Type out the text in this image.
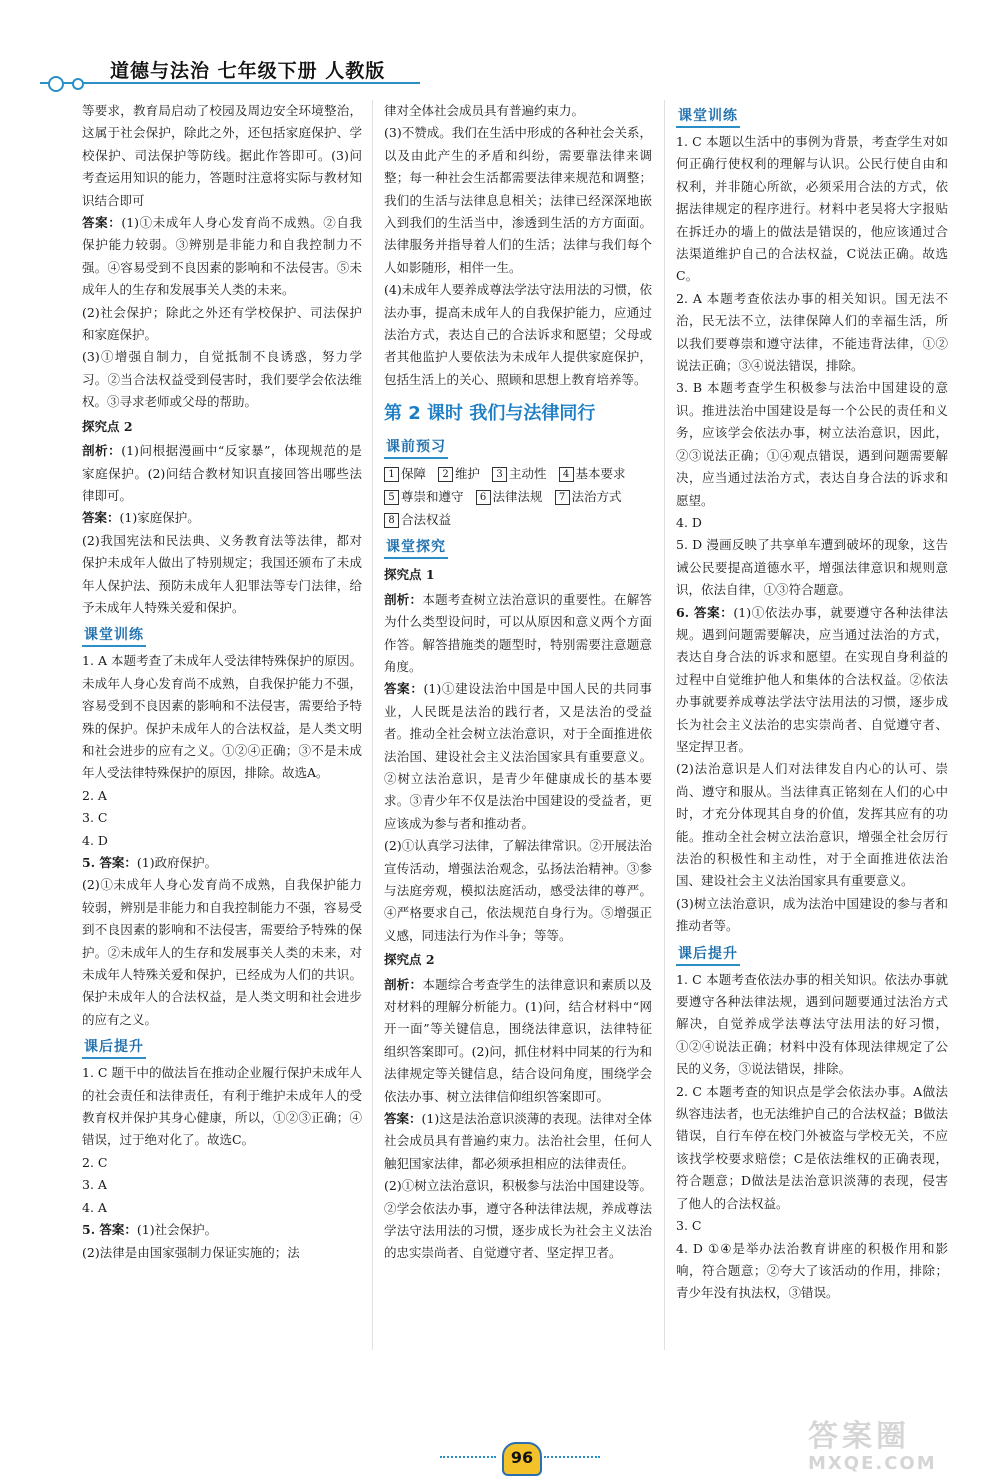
道德与法治 七年级下册 人教版

等要求，教育局启动了校园及周边安全环境整治，这属于社会保护，除此之外，还包括家庭保护、学校保护、司法保护等防线。据此作答即可。(3)问考查运用知识的能力，答题时注意将实际与教材知识结合即可

答案：(1)①未成年人身心发育尚不成熟。②自我保护能力较弱。③辨别是非能力和自我控制力不强。④容易受到不良因素的影响和不法侵害。⑤未成年人的生存和发展事关人类的未来。

(2)社会保护；除此之外还有学校保护、司法保护和家庭保护。

(3)①增强自制力，自觉抵制不良诱惑，努力学习。②当合法权益受到侵害时，我们要学会依法维权。③寻求老师或父母的帮助。

探究点 2

剖析：(1)问根据漫画中“反家暴”，体现规范的是家庭保护。(2)问结合教材知识直接回答出哪些法律即可。

答案：(1)家庭保护。

(2)我国宪法和民法典、义务教育法等法律，都对保护未成年人做出了特别规定；我国还颁布了未成年人保护法、预防未成年人犯罪法等专门法律，给予未成年人特殊关爱和保护。

课堂训练

1. A 本题考查了未成年人受法律特殊保护的原因。未成年人身心发育尚不成熟，自我保护能力不强，容易受到不良因素的影响和不法侵害，需要给予特殊的保护。保护未成年人的合法权益，是人类文明和社会进步的应有之义。①②④正确；③不是未成年人受法律特殊保护的原因，排除。故选A。

2. A

3. C

4. D

5. 答案：(1)政府保护。

(2)①未成年人身心发育尚不成熟，自我保护能力较弱，辨别是非能力和自我控制能力不强，容易受到不良因素的影响和不法侵害，需要给予特殊的保护。②未成年人的生存和发展事关人类的未来，对未成年人特殊关爱和保护，已经成为人们的共识。保护未成年人的合法权益，是人类文明和社会进步的应有之义。

课后提升

1. C 题干中的做法旨在推动企业履行保护未成年人的社会责任和法律责任，有利于维护未成年人的受教育权并保护其身心健康，所以，①②③正确；④错误，过于绝对化了。故选C。

2. C

3. A

4. A

5. 答案：(1)社会保护。

(2)法律是由国家强制力保证实施的；法

律对全体社会成员具有普遍约束力。

(3)不赞成。我们在生活中形成的各种社会关系，以及由此产生的矛盾和纠纷，需要靠法律来调整；每一种社会生活都需要法律来规范和调整；我们的生活与法律息息相关；法律已经深深地嵌入到我们的生活当中，渗透到生活的方方面面。法律服务并指导着人们的生活；法律与我们每个人如影随形，相伴一生。

(4)未成年人要养成尊法学法守法用法的习惯，依法办事，提高未成年人的自我保护能力，应通过法治方式，表达自己的合法诉求和愿望；父母或者其他监护人要依法为未成年人提供家庭保护，包括生活上的关心、照顾和思想上教育培养等。

第 2 课时 我们与法律同行
课前预习
1 保障 2 维护 3 主动性 4 基本要求
5 尊崇和遵守 6 法律法规 7 法治方式
8 合法权益
课堂探究
探究点 1

剖析：本题考查树立法治意识的重要性。在解答为什么类型设问时，可以从原因和意义两个方面作答。解答措施类的题型时，特别需要注意题意角度。

答案：(1)①建设法治中国是中国人民的共同事业，人民既是法治的践行者，又是法治的受益者。推动全社会树立法治意识，对于全面推进依法治国、建设社会主义法治国家具有重要意义。②树立法治意识，是青少年健康成长的基本要求。③青少年不仅是法治中国建设的受益者，更应该成为参与者和推动者。

(2)①认真学习法律，了解法律常识。②开展法治宣传活动，增强法治观念，弘扬法治精神。③参与法庭旁观，模拟法庭活动，感受法律的尊严。④严格要求自己，依法规范自身行为。⑤增强正义感，同违法行为作斗争；等等。

探究点 2

剖析：本题综合考查学生的法律意识和素质以及对材料的理解分析能力。(1)问，结合材料中“网开一面”等关键信息，围绕法律意识，法律特征组织答案即可。(2)问，抓住材料中同某的行为和法律规定等关键信息，结合设问角度，围绕学会依法办事、树立法律信仰组织答案即可。

答案：(1)这是法治意识淡薄的表现。法律对全体社会成员具有普遍约束力。法治社会里，任何人触犯国家法律，都必须承担相应的法律责任。

(2)①树立法治意识，积极参与法治中国建设等。②学会依法办事，遵守各种法律法规，养成尊法学法守法用法的习惯，逐步成长为社会主义法治的忠实崇尚者、自觉遵守者、坚定捍卫者。

课堂训练

1. C 本题以生活中的事例为背景，考查学生对如何正确行使权利的理解与认识。公民行使自由和权利，并非随心所欲，必须采用合法的方式，依据法律规定的程序进行。材料中老吴将大字报贴在拆迁办的墙上的做法是错误的，他应该通过合法渠道维护自己的合法权益，C说法正确。故选C。

2. A 本题考查依法办事的相关知识。国无法不治，民无法不立，法律保障人们的幸福生活，所以我们要尊崇和遵守法律，不能违背法律，①②说法正确；③④说法错误，排除。

3. B 本题考查学生积极参与法治中国建设的意识。推进法治中国建设是每一个公民的责任和义务，应该学会依法办事，树立法治意识，因此，②③说法正确；①④观点错误，遇到问题需要解决，应当通过法治方式，表达自身合法的诉求和愿望。

4. D

5. D 漫画反映了共享单车遭到破坏的现象，这告诫公民要提高道德水平，增强法律意识和规则意识，依法自律，①③符合题意。

6. 答案：(1)①依法办事，就要遵守各种法律法规。遇到问题需要解决，应当通过法治的方式，表达自身合法的诉求和愿望。在实现自身利益的过程中自觉维护他人和集体的合法权益。②依法办事就要养成尊法学法守法用法的习惯，逐步成长为社会主义法治的忠实崇尚者、自觉遵守者、坚定捍卫者。

(2)法治意识是人们对法律发自内心的认可、崇尚、遵守和服从。当法律真正铭刻在人们的心中时，才充分体现其自身的价值，发挥其应有的功能。推动全社会树立法治意识，增强全社会厉行法治的积极性和主动性，对于全面推进依法治国、建设社会主义法治国家具有重要意义。

(3)树立法治意识，成为法治中国建设的参与者和推动者等。

课后提升

1. C 本题考查依法办事的相关知识。依法办事就要遵守各种法律法规，遇到问题要通过法治方式解决，自觉养成学法尊法守法用法的好习惯，①②④说法正确；材料中没有体现法律规定了公民的义务，③说法错误，排除。

2. C 本题考查的知识点是学会依法办事。A做法纵容违法者，也无法维护自己的合法权益；B做法错误，自行车停在校门外被盗与学校无关，不应该找学校要求赔偿；C是依法维权的正确表现，符合题意；D做法是法治意识淡薄的表现，侵害了他人的合法权益。

3. C

4. D ①④是举办法治教育讲座的积极作用和影响，符合题意；②夸大了该活动的作用，排除；青少年没有执法权，③错误。

96
答案圈
MXQE.COM
